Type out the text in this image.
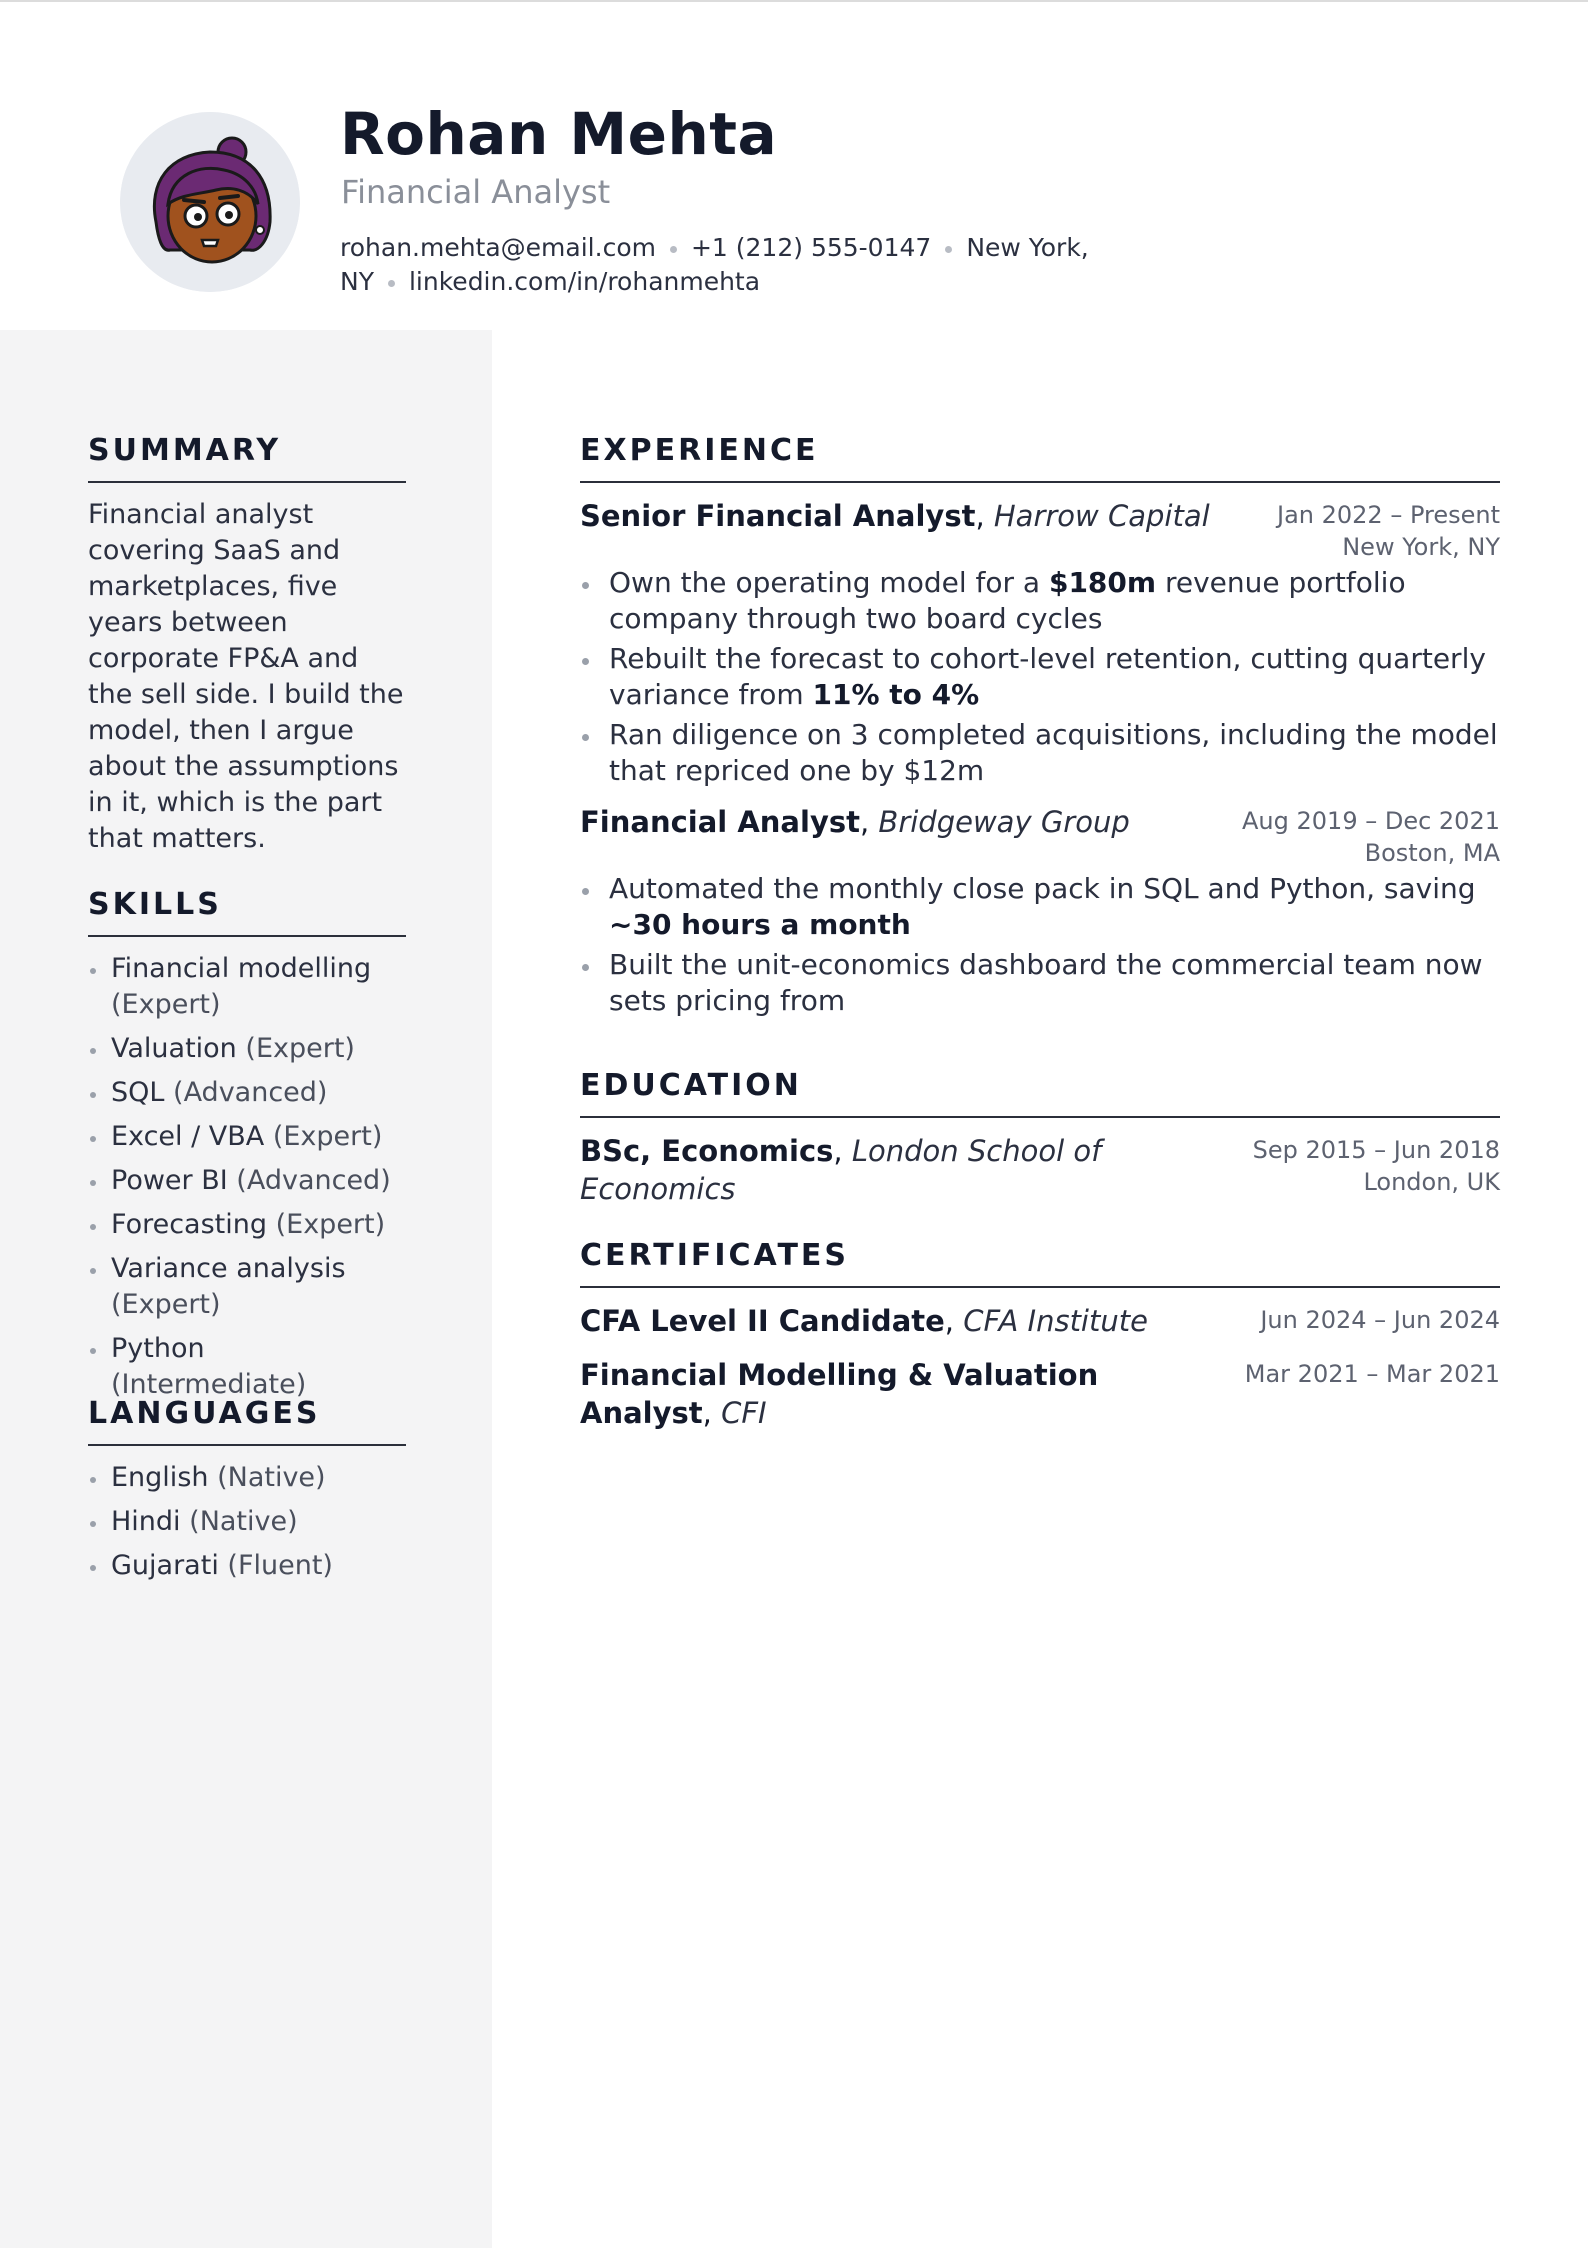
Rohan Mehta
Financial Analyst
rohan.mehta@email.com +1 (212) 555-0147 New York, NY linkedin.com/in/rohanmehta
SUMMARY
Financial analyst covering SaaS and marketplaces, five years between corporate FP&A and the sell side. I build the model, then I argue about the assumptions in it, which is the part that matters.
SKILLS
Financial modelling (Expert)
Valuation (Expert)
SQL (Advanced)
Excel / VBA (Expert)
Power BI (Advanced)
Forecasting (Expert)
Variance analysis (Expert)
Python (Intermediate)
LANGUAGES
English (Native)
Hindi (Native)
Gujarati (Fluent)
EXPERIENCE
Senior Financial Analyst, Harrow Capital	Jan 2022 – Present
New York, NY
Own the operating model for a $180m revenue portfolio company through two board cycles
Rebuilt the forecast to cohort-level retention, cutting quarterly variance from 11% to 4%
Ran diligence on 3 completed acquisitions, including the model that repriced one by $12m
Financial Analyst, Bridgeway Group	Aug 2019 – Dec 2021
Boston, MA
Automated the monthly close pack in SQL and Python, saving ~30 hours a month
Built the unit-economics dashboard the commercial team now sets pricing from
EDUCATION
BSc, Economics, London School of Economics
Sep 2015 – Jun 2018
London, UK
CERTIFICATES
CFA Level II Candidate, CFA Institute	Jun 2024 – Jun 2024
Financial Modelling & Valuation Analyst, CFI
Mar 2021 – Mar 2021
